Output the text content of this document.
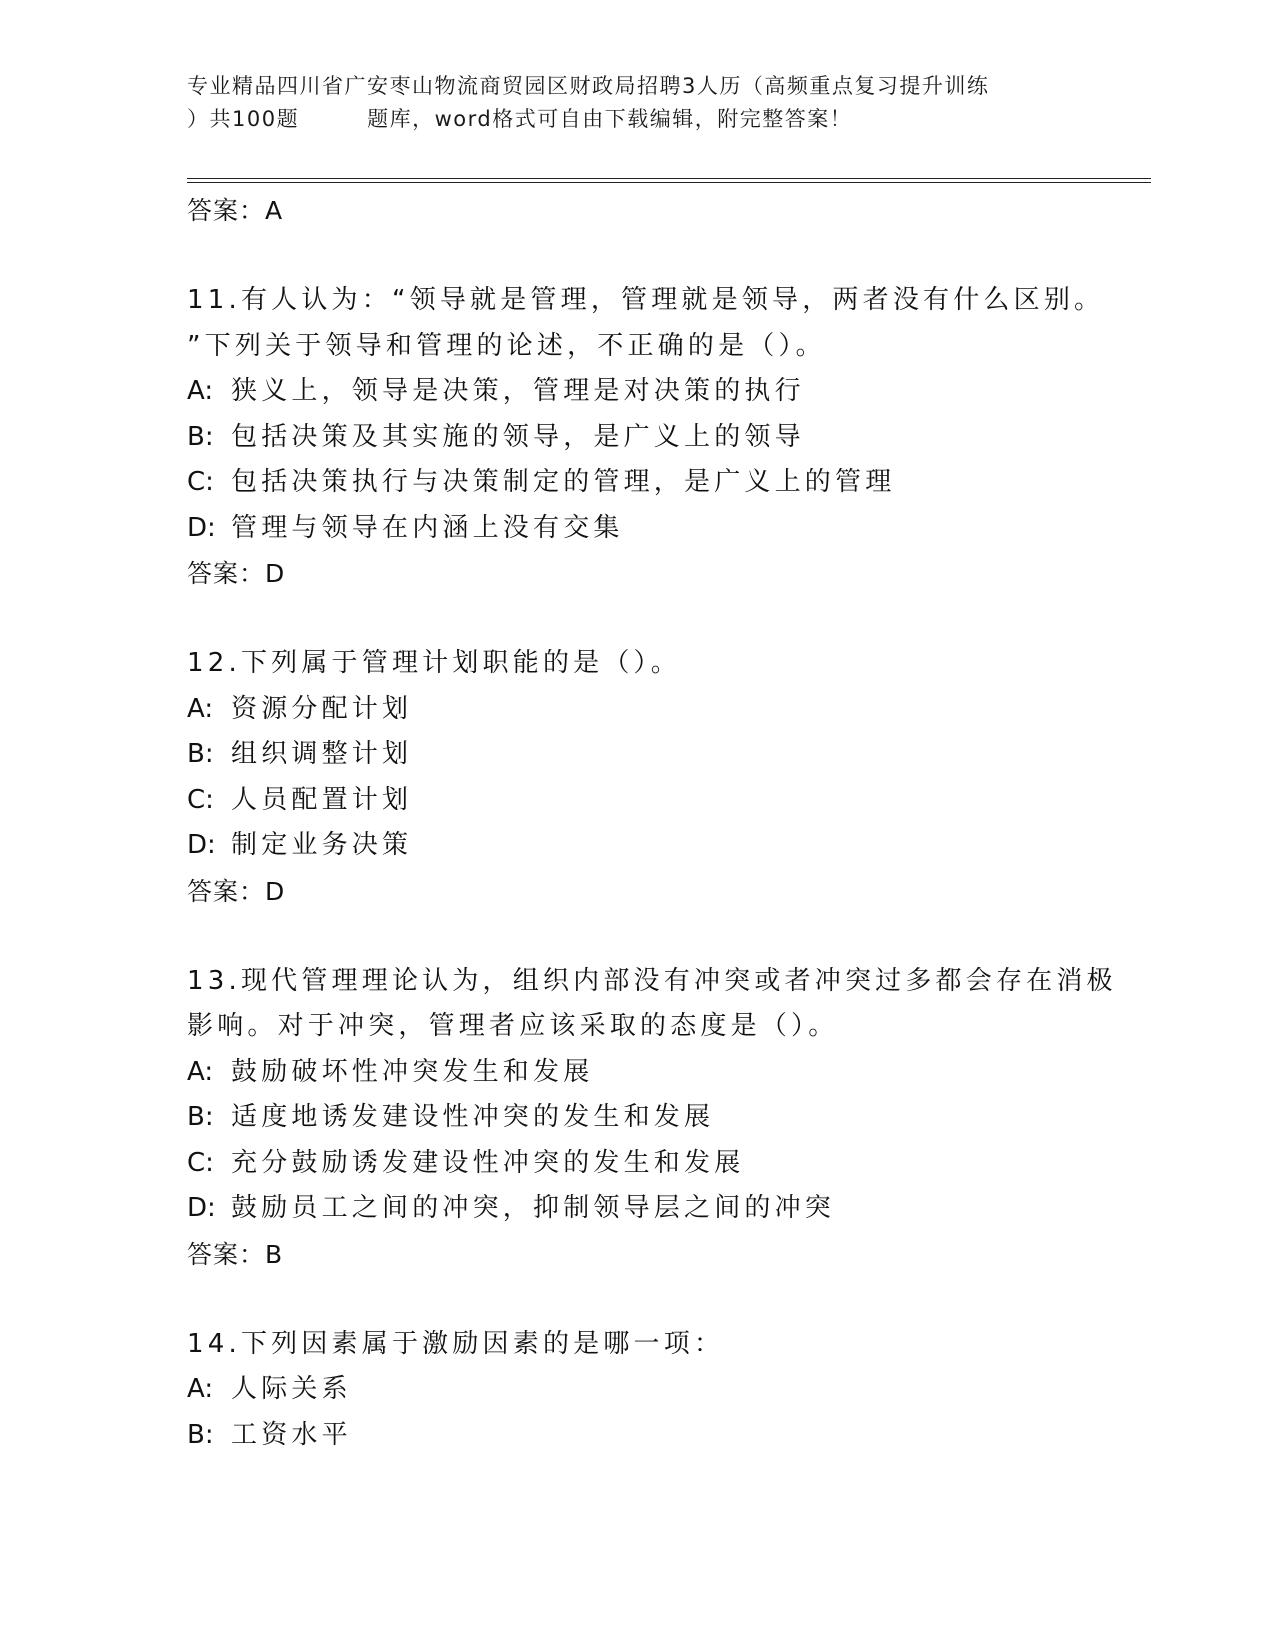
专业精品四川省广安枣山物流商贸园区财政局招聘3人历（高频重点复习提升训练
）共100题	题库，word格式可自由下载编辑，附完整答案！
答案：A
11.有人认为：“领导就是管理，管理就是领导，两者没有什么区别。
”下列关于领导和管理的论述，不正确的是（）。
A: 狭义上，领导是决策，管理是对决策的执行
B: 包括决策及其实施的领导，是广义上的领导
C: 包括决策执行与决策制定的管理，是广义上的管理
D: 管理与领导在内涵上没有交集
答案：D
12.下列属于管理计划职能的是（）。
A: 资源分配计划
B: 组织调整计划
C: 人员配置计划
D: 制定业务决策
答案：D
13.现代管理理论认为，组织内部没有冲突或者冲突过多都会存在消极
影响。对于冲突，管理者应该采取的态度是（）。
A: 鼓励破坏性冲突发生和发展
B: 适度地诱发建设性冲突的发生和发展
C: 充分鼓励诱发建设性冲突的发生和发展
D: 鼓励员工之间的冲突，抑制领导层之间的冲突
答案：B
14.下列因素属于激励因素的是哪一项：
A: 人际关系
B: 工资水平
